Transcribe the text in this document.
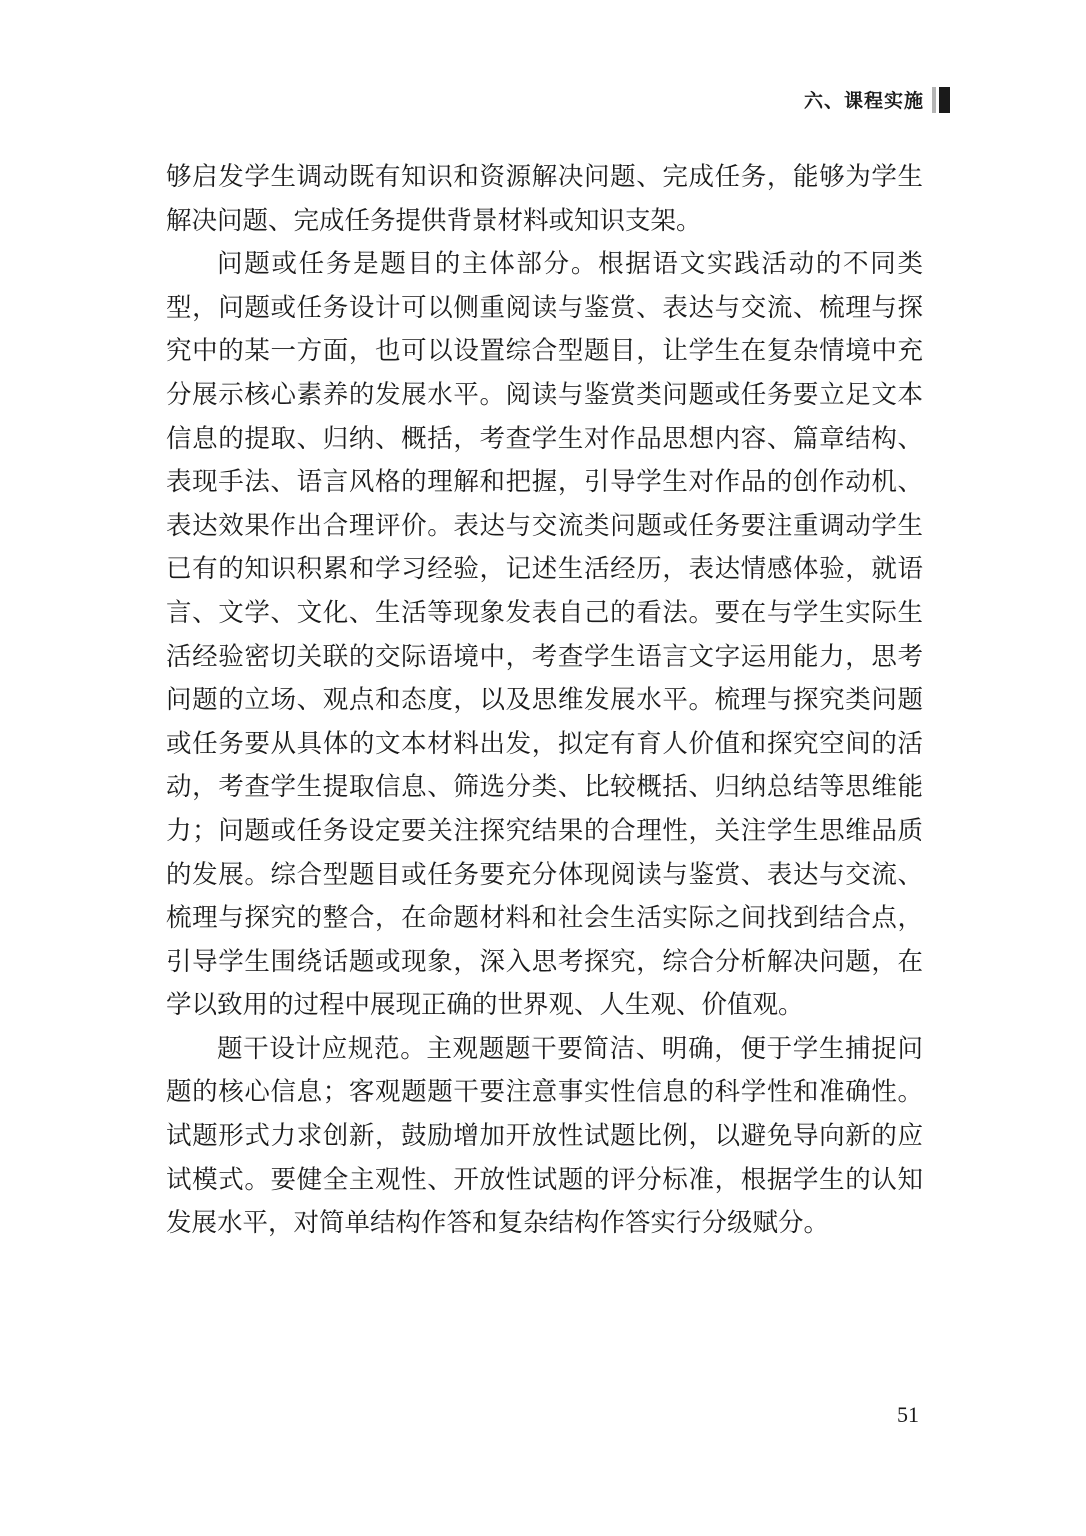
六、课程实施

够启发学生调动既有知识和资源解决问题、完成任务，能够为学生解决问题、完成任务提供背景材料或知识支架。

问题或任务是题目的主体部分。根据语文实践活动的不同类型，问题或任务设计可以侧重阅读与鉴赏、表达与交流、梳理与探究中的某一方面，也可以设置综合型题目，让学生在复杂情境中充分展示核心素养的发展水平。阅读与鉴赏类问题或任务要立足文本信息的提取、归纳、概括，考查学生对作品思想内容、篇章结构、表现手法、语言风格的理解和把握，引导学生对作品的创作动机、表达效果作出合理评价。表达与交流类问题或任务要注重调动学生已有的知识积累和学习经验，记述生活经历，表达情感体验，就语言、文学、文化、生活等现象发表自己的看法。要在与学生实际生活经验密切关联的交际语境中，考查学生语言文字运用能力，思考问题的立场、观点和态度，以及思维发展水平。梳理与探究类问题或任务要从具体的文本材料出发，拟定有育人价值和探究空间的活动，考查学生提取信息、筛选分类、比较概括、归纳总结等思维能力；问题或任务设定要关注探究结果的合理性，关注学生思维品质的发展。综合型题目或任务要充分体现阅读与鉴赏、表达与交流、梳理与探究的整合，在命题材料和社会生活实际之间找到结合点，引导学生围绕话题或现象，深入思考探究，综合分析解决问题，在学以致用的过程中展现正确的世界观、人生观、价值观。

题干设计应规范。主观题题干要简洁、明确，便于学生捕捉问题的核心信息；客观题题干要注意事实性信息的科学性和准确性。试题形式力求创新，鼓励增加开放性试题比例，以避免导向新的应试模式。要健全主观性、开放性试题的评分标准，根据学生的认知发展水平，对简单结构作答和复杂结构作答实行分级赋分。

51
